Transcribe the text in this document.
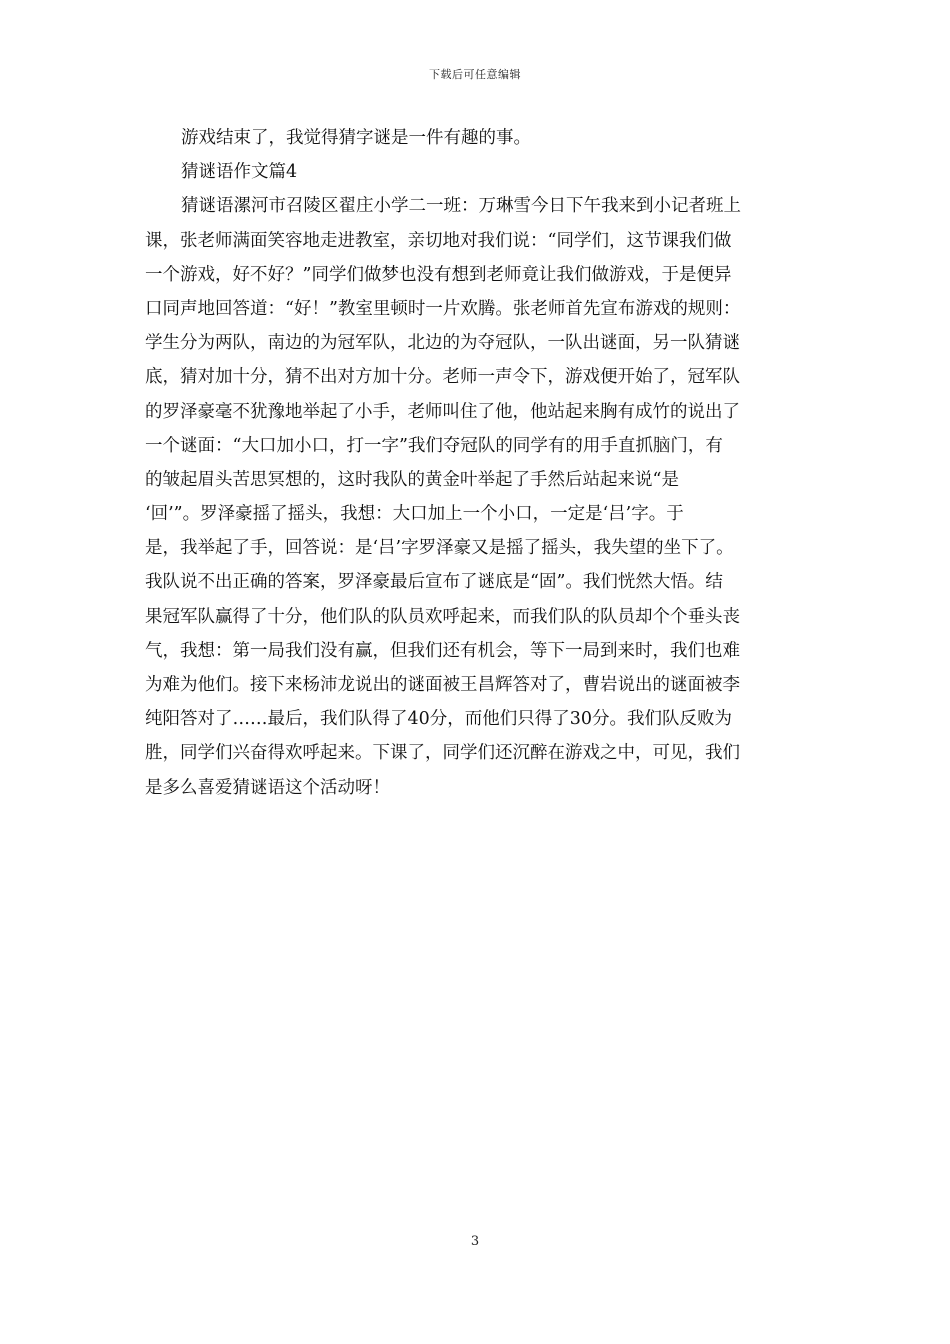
下载后可任意编辑
游戏结束了，我觉得猜字谜是一件有趣的事。
猜谜语作文篇4
猜谜语漯河市召陵区翟庄小学二一班：万琳雪今日下午我来到小记者班上
课，张老师满面笑容地走进教室，亲切地对我们说：“同学们，这节课我们做
一个游戏，好不好？”同学们做梦也没有想到老师竟让我们做游戏，于是便异
口同声地回答道：“好！”教室里顿时一片欢腾。张老师首先宣布游戏的规则：
学生分为两队，南边的为冠军队，北边的为夺冠队，一队出谜面，另一队猜谜
底，猜对加十分，猜不出对方加十分。老师一声令下，游戏便开始了，冠军队
的罗泽豪毫不犹豫地举起了小手，老师叫住了他，他站起来胸有成竹的说出了
一个谜面：“大口加小口，打一字”我们夺冠队的同学有的用手直抓脑门，有
的皱起眉头苦思冥想的，这时我队的黄金叶举起了手然后站起来说“是
‘回’”。罗泽豪摇了摇头，我想：大口加上一个小口，一定是‘吕’字。于
是，我举起了手，回答说：是‘吕’字罗泽豪又是摇了摇头，我失望的坐下了。
我队说不出正确的答案，罗泽豪最后宣布了谜底是“固”。我们恍然大悟。结
果冠军队赢得了十分，他们队的队员欢呼起来，而我们队的队员却个个垂头丧
气，我想：第一局我们没有赢，但我们还有机会，等下一局到来时，我们也难
为难为他们。接下来杨沛龙说出的谜面被王昌辉答对了，曹岩说出的谜面被李
纯阳答对了……最后，我们队得了40分，而他们只得了30分。我们队反败为
胜，同学们兴奋得欢呼起来。下课了，同学们还沉醉在游戏之中，可见，我们
是多么喜爱猜谜语这个活动呀！
3
